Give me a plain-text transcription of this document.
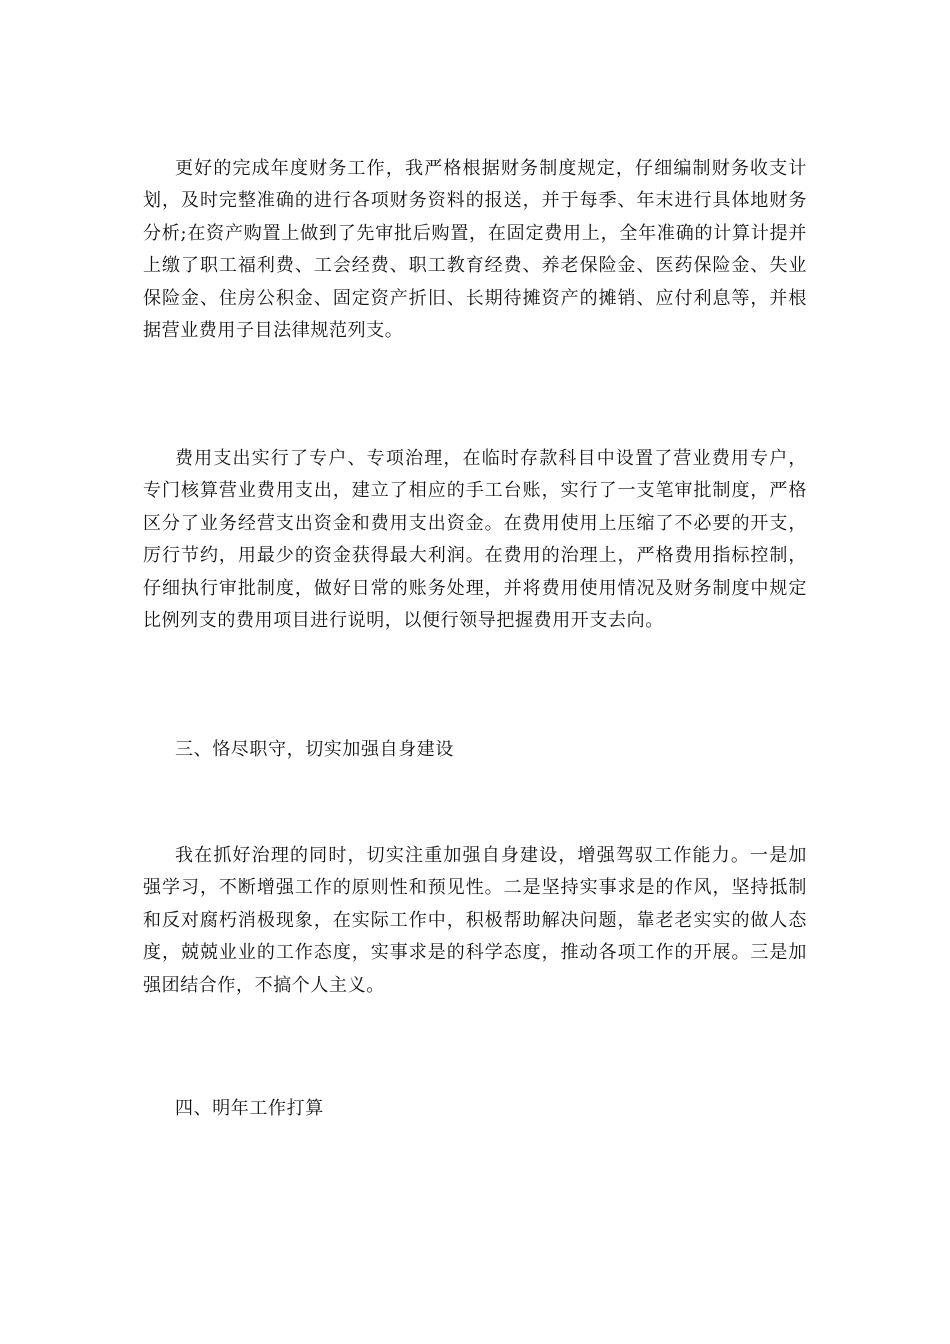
更好的完成年度财务工作，我严格根据财务制度规定，仔细编制财务收支计划，及时完整准确的进行各项财务资料的报送，并于每季、年末进行具体地财务分析;在资产购置上做到了先审批后购置，在固定费用上，全年准确的计算计提并上缴了职工福利费、工会经费、职工教育经费、养老保险金、医药保险金、失业保险金、住房公积金、固定资产折旧、长期待摊资产的摊销、应付利息等，并根据营业费用子目法律规范列支。

费用支出实行了专户、专项治理，在临时存款科目中设置了营业费用专户，专门核算营业费用支出，建立了相应的手工台账，实行了一支笔审批制度，严格区分了业务经营支出资金和费用支出资金。在费用使用上压缩了不必要的开支，厉行节约，用最少的资金获得最大利润。在费用的治理上，严格费用指标控制，仔细执行审批制度，做好日常的账务处理，并将费用使用情况及财务制度中规定比例列支的费用项目进行说明，以便行领导把握费用开支去向。

三、恪尽职守，切实加强自身建设

我在抓好治理的同时，切实注重加强自身建设，增强驾驭工作能力。一是加强学习，不断增强工作的原则性和预见性。二是坚持实事求是的作风，坚持抵制和反对腐朽消极现象，在实际工作中，积极帮助解决问题，靠老老实实的做人态度，兢兢业业的工作态度，实事求是的科学态度，推动各项工作的开展。三是加强团结合作，不搞个人主义。

四、明年工作打算
